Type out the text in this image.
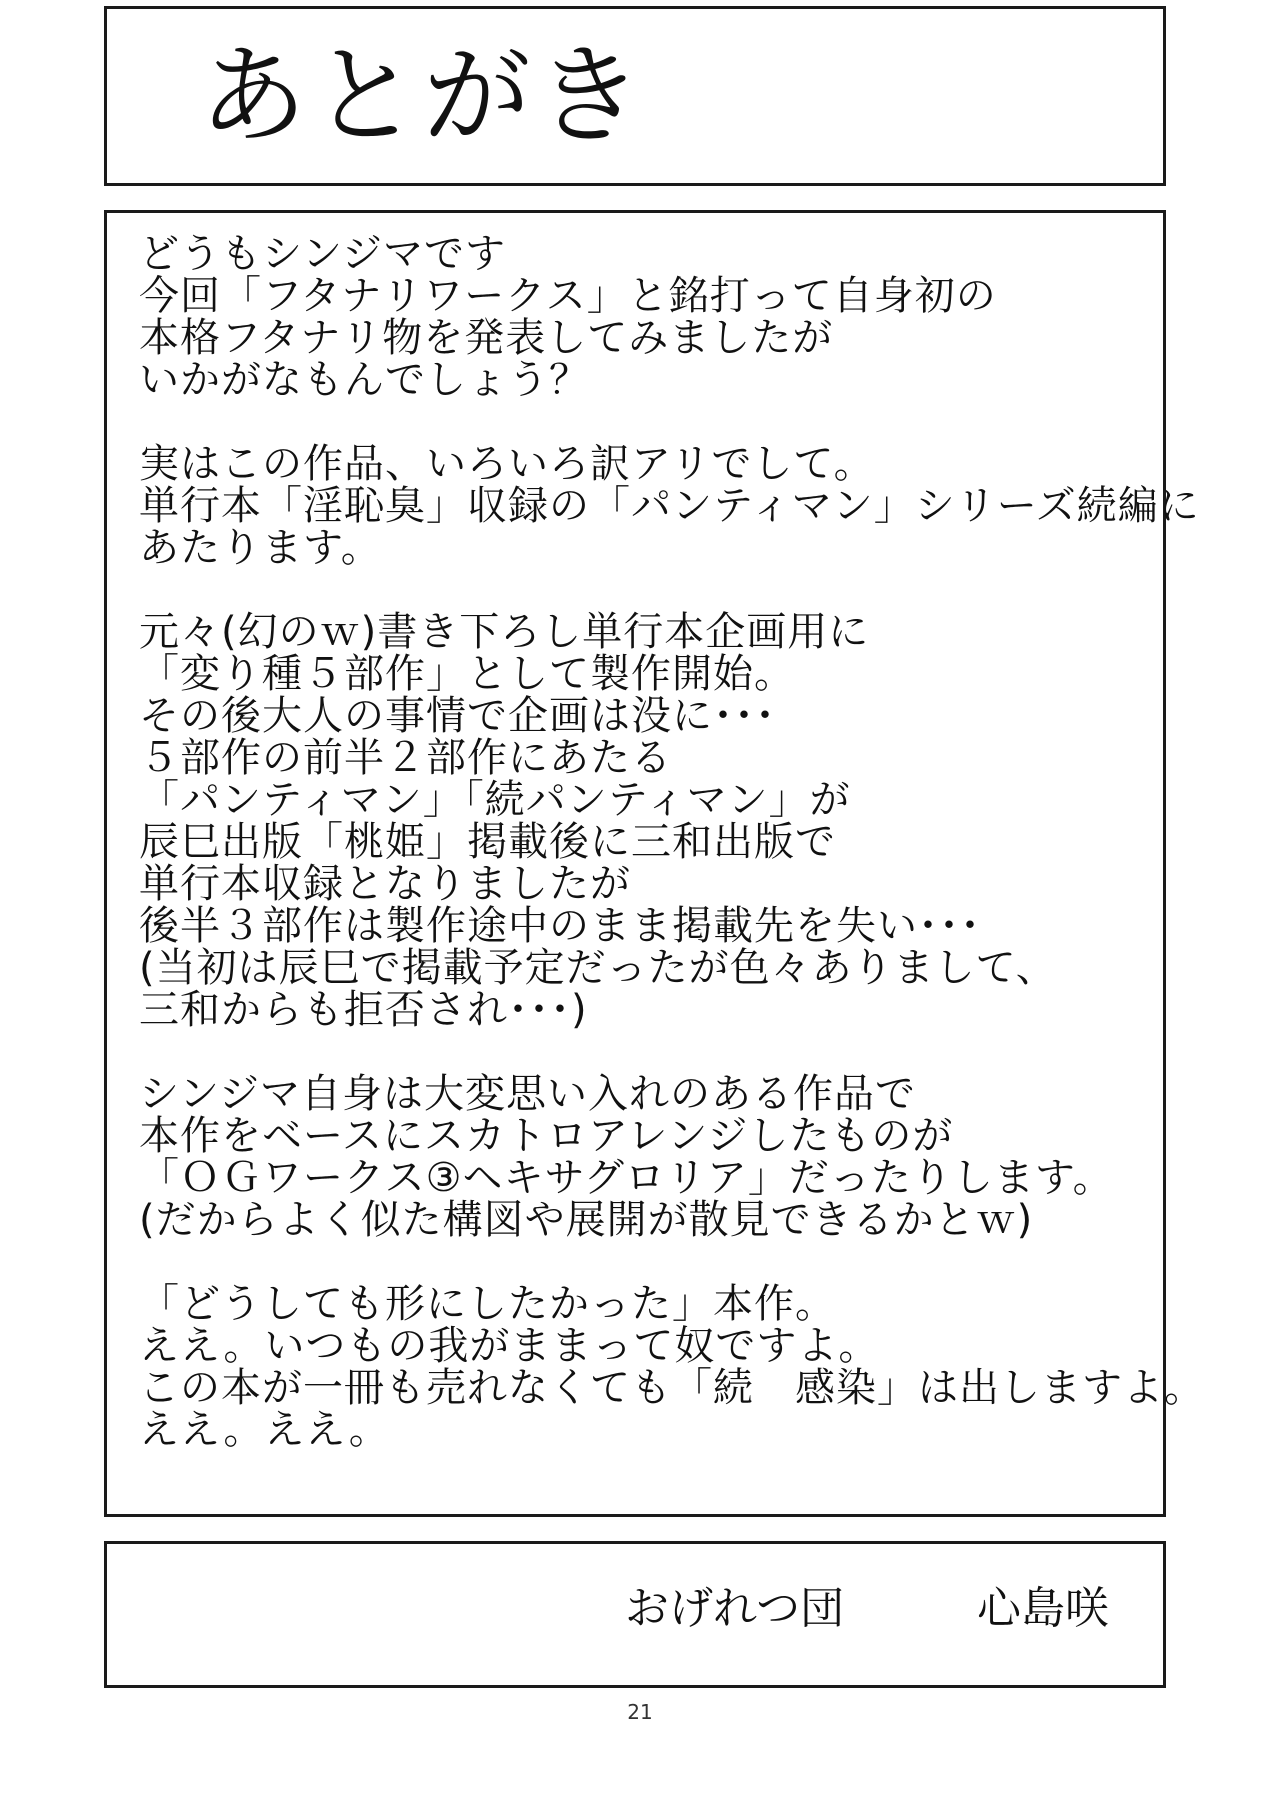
あとがき
どうもシンジマです
今回「フタナリワークス」と銘打って自身初の
本格フタナリ物を発表してみましたが
いかがなもんでしょう？
実はこの作品、いろいろ訳アリでして。
単行本「淫恥臭」収録の「パンティマン」シリーズ続編に
あたります。
元々(幻のｗ)書き下ろし単行本企画用に
「変り種５部作」として製作開始。
その後大人の事情で企画は没に･･･
５部作の前半２部作にあたる
「パンティマン」「続パンティマン」が
辰巳出版「桃姫」掲載後に三和出版で
単行本収録となりましたが
後半３部作は製作途中のまま掲載先を失い･･･
(当初は辰巳で掲載予定だったが色々ありまして、
三和からも拒否され･･･)
シンジマ自身は大変思い入れのある作品で
本作をベースにスカトロアレンジしたものが
「ＯＧワークス③ヘキサグロリア」だったりします。
(だからよく似た構図や展開が散見できるかとｗ)
「どうしても形にしたかった」本作。
ええ。いつもの我がままって奴ですよ。
この本が一冊も売れなくても「続　感染」は出しますよ。
ええ。ええ。
おげれつ団	心島咲
21
